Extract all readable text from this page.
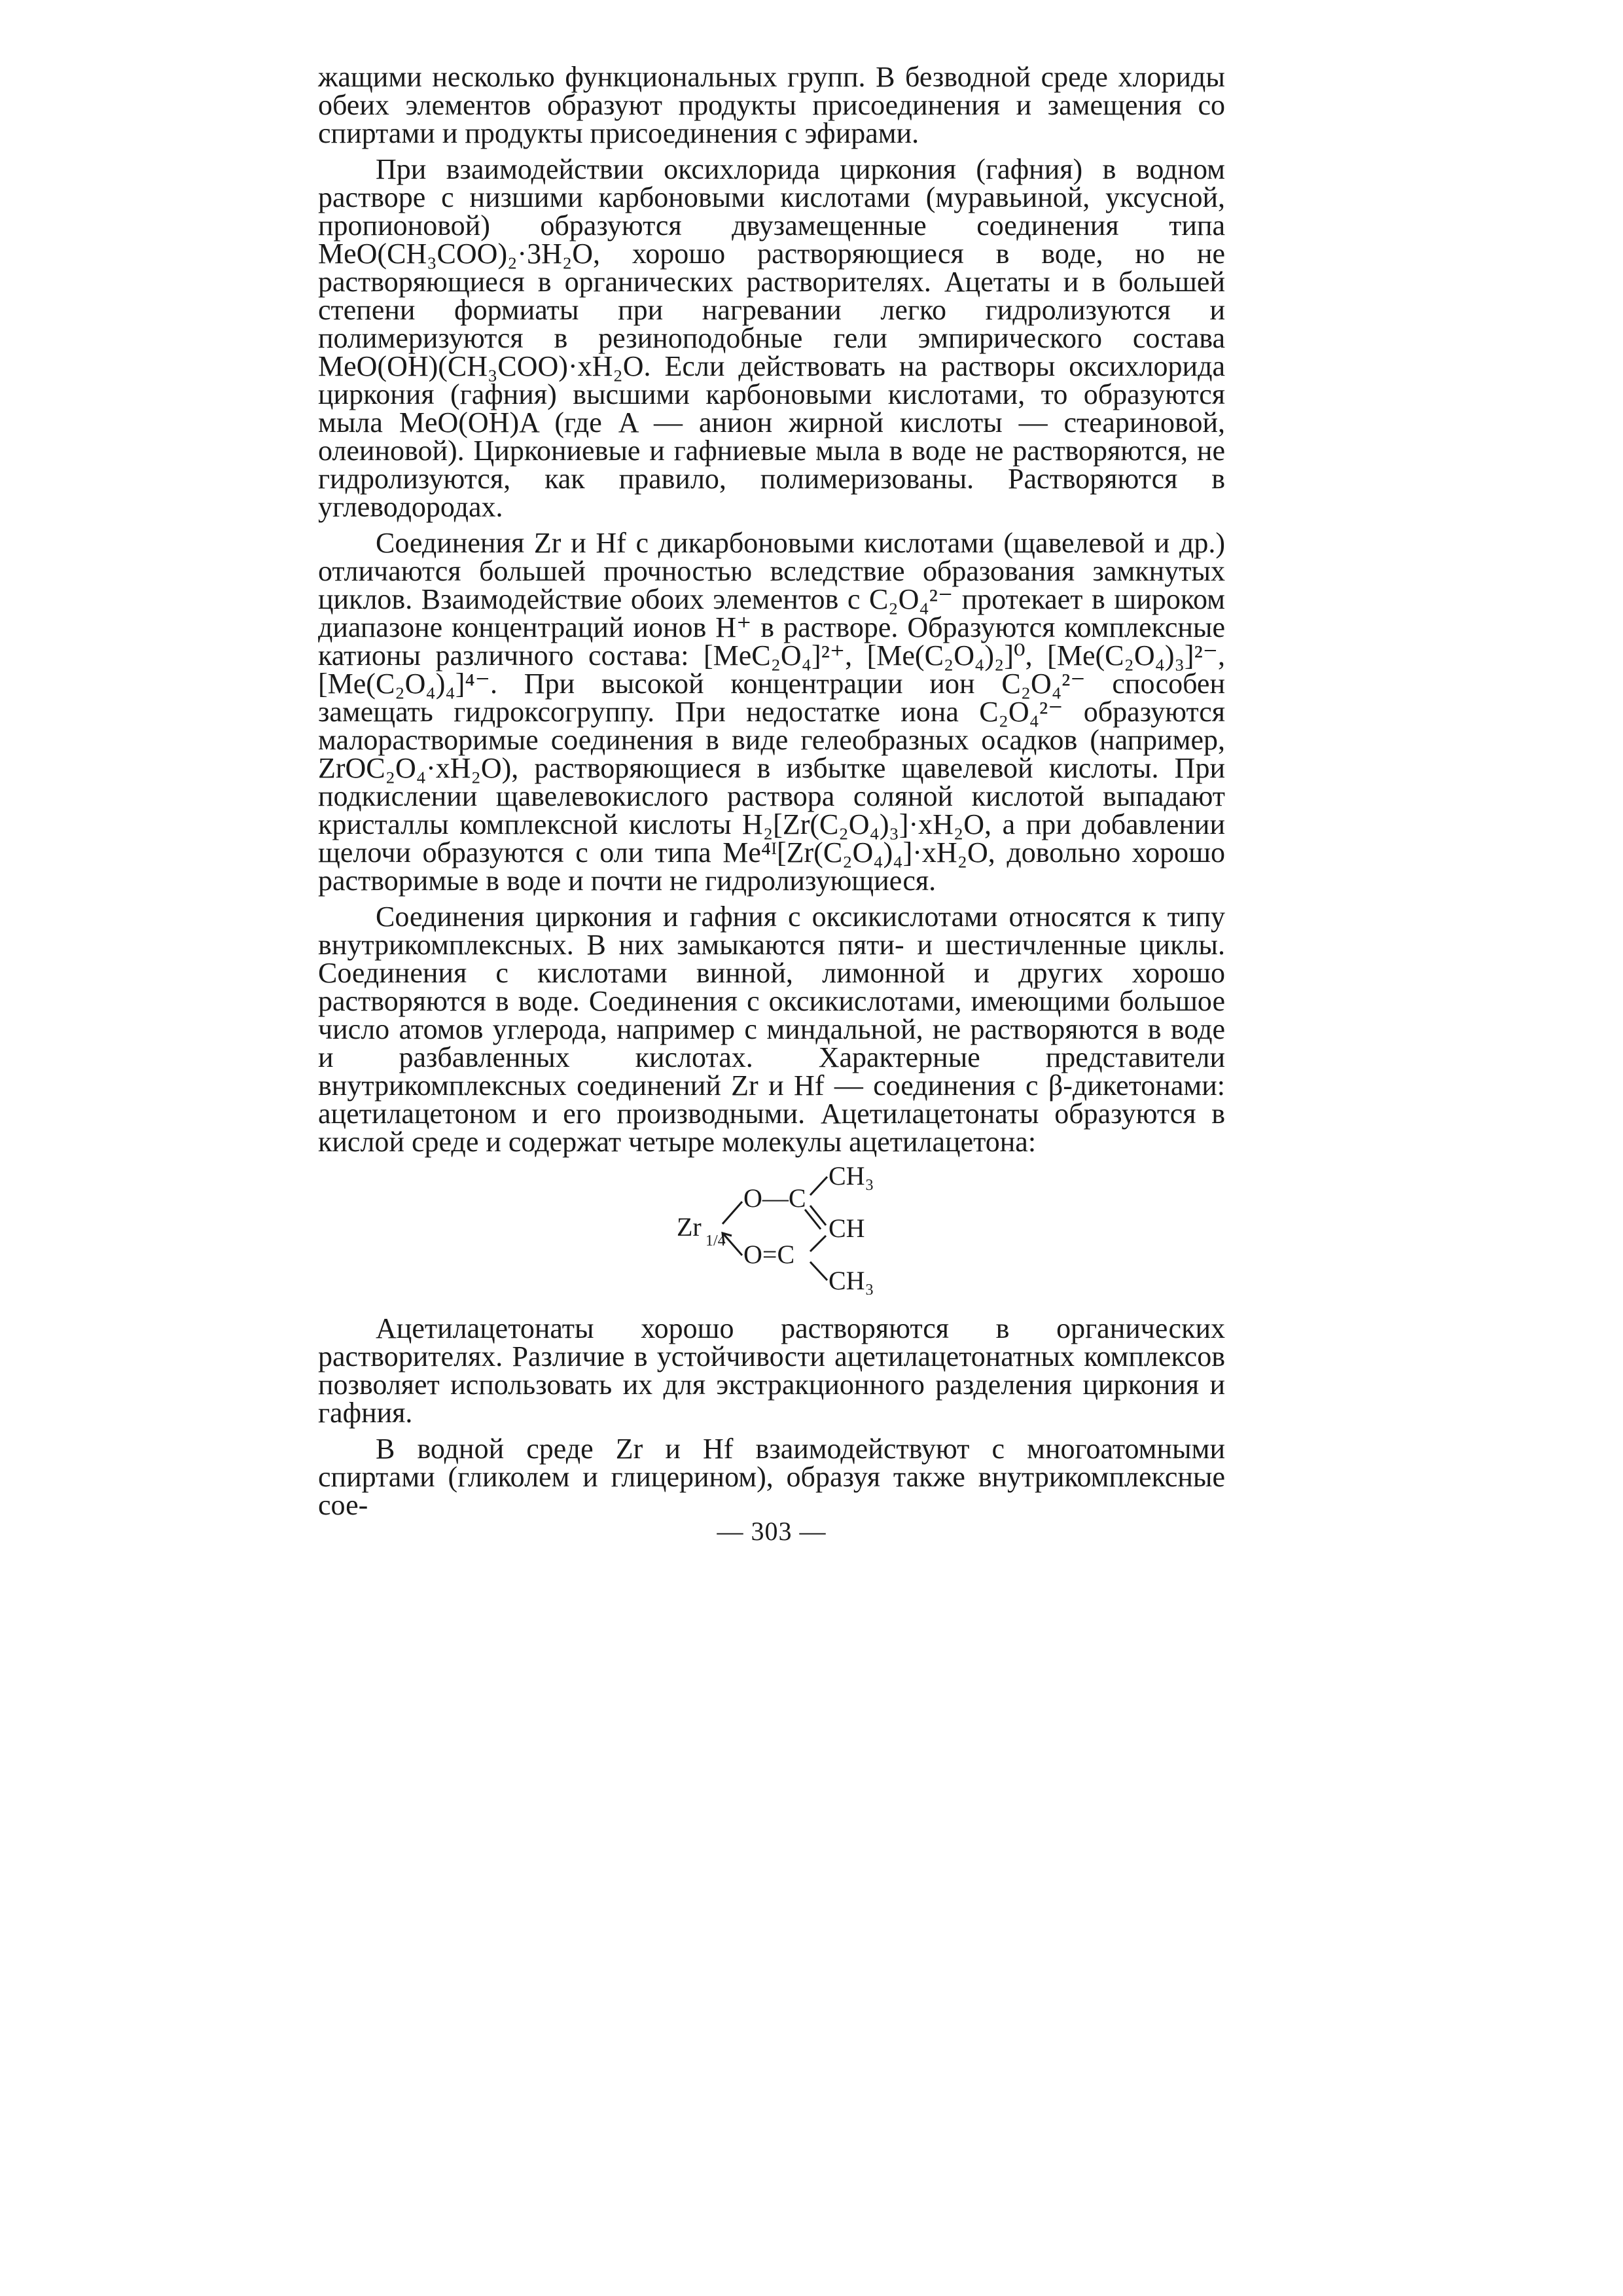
жащими несколько функциональных групп. В безводной среде хлориды обеих элементов образуют продукты присоединения и замещения со спиртами и продукты присоединения с эфирами.

При взаимодействии оксихлорида циркония (гафния) в водном растворе с низшими карбоновыми кислотами (муравьиной, уксусной, пропионовой) образуются двузамещенные соединения типа MeO(CH₃COO)₂·3H₂O, хорошо растворяющиеся в воде, но не растворяющиеся в органических растворителях. Ацетаты и в большей степени формиаты при нагревании легко гидролизуются и полимеризуются в резиноподобные гели эмпирического состава MeO(OH)(CH₃COO)·xH₂O. Если действовать на растворы оксихлорида циркония (гафния) высшими карбоновыми кислотами, то образуются мыла MeO(OH)A (где A — анион жирной кислоты — стеариновой, олеиновой). Циркониевые и гафниевые мыла в воде не растворяются, не гидролизуются, как правило, полимеризованы. Растворяются в углеводородах.

Соединения Zr и Hf с дикарбоновыми кислотами (щавелевой и др.) отличаются большей прочностью вследствие образования замкнутых циклов. Взаимодействие обоих элементов с C₂O₄²⁻ протекает в широком диапазоне концентраций ионов H⁺ в растворе. Образуются комплексные катионы различного состава: [MeC₂O₄]²⁺, [Me(C₂O₄)₂]⁰, [Me(C₂O₄)₃]²⁻, [Me(C₂O₄)₄]⁴⁻. При высокой концентрации ион C₂O₄²⁻ способен замещать гидроксогруппу. При недостатке иона C₂O₄²⁻ образуются малорастворимые соединения в виде гелеобразных осадков (например, ZrOC₂O₄·xH₂O), растворяющиеся в избытке щавелевой кислоты. При подкислении щавелевокислого раствора соляной кислотой выпадают кристаллы комплексной кислоты H₂[Zr(C₂O₄)₃]·xH₂O, а при добавлении щелочи образуются с оли типа Me⁴ᴵ[Zr(C₂O₄)₄]·xH₂O, довольно хорошо растворимые в воде и почти не гидролизующиеся.

Соединения циркония и гафния с оксикислотами относятся к типу внутрикомплексных. В них замыкаются пяти- и шестичленные циклы. Соединения с кислотами винной, лимонной и других хорошо растворяются в воде. Соединения с оксикислотами, имеющими большое число атомов углерода, например с миндальной, не растворяются в воде и разбавленных кислотах. Характерные представители внутрикомплексных соединений Zr и Hf — соединения с β-дикетонами: ацетилацетоном и его производными. Ацетилацетонаты образуются в кислой среде и содержат четыре молекулы ацетилацетона:

Zr 1/4
O—C
O=C
CH₃
CH
CH₃

Ацетилацетонаты хорошо растворяются в органических растворителях. Различие в устойчивости ацетилацетонатных комплексов позволяет использовать их для экстракционного разделения циркония и гафния.

В водной среде Zr и Hf взаимодействуют с многоатомными спиртами (гликолем и глицерином), образуя также внутрикомплексные сое-

— 303 —
